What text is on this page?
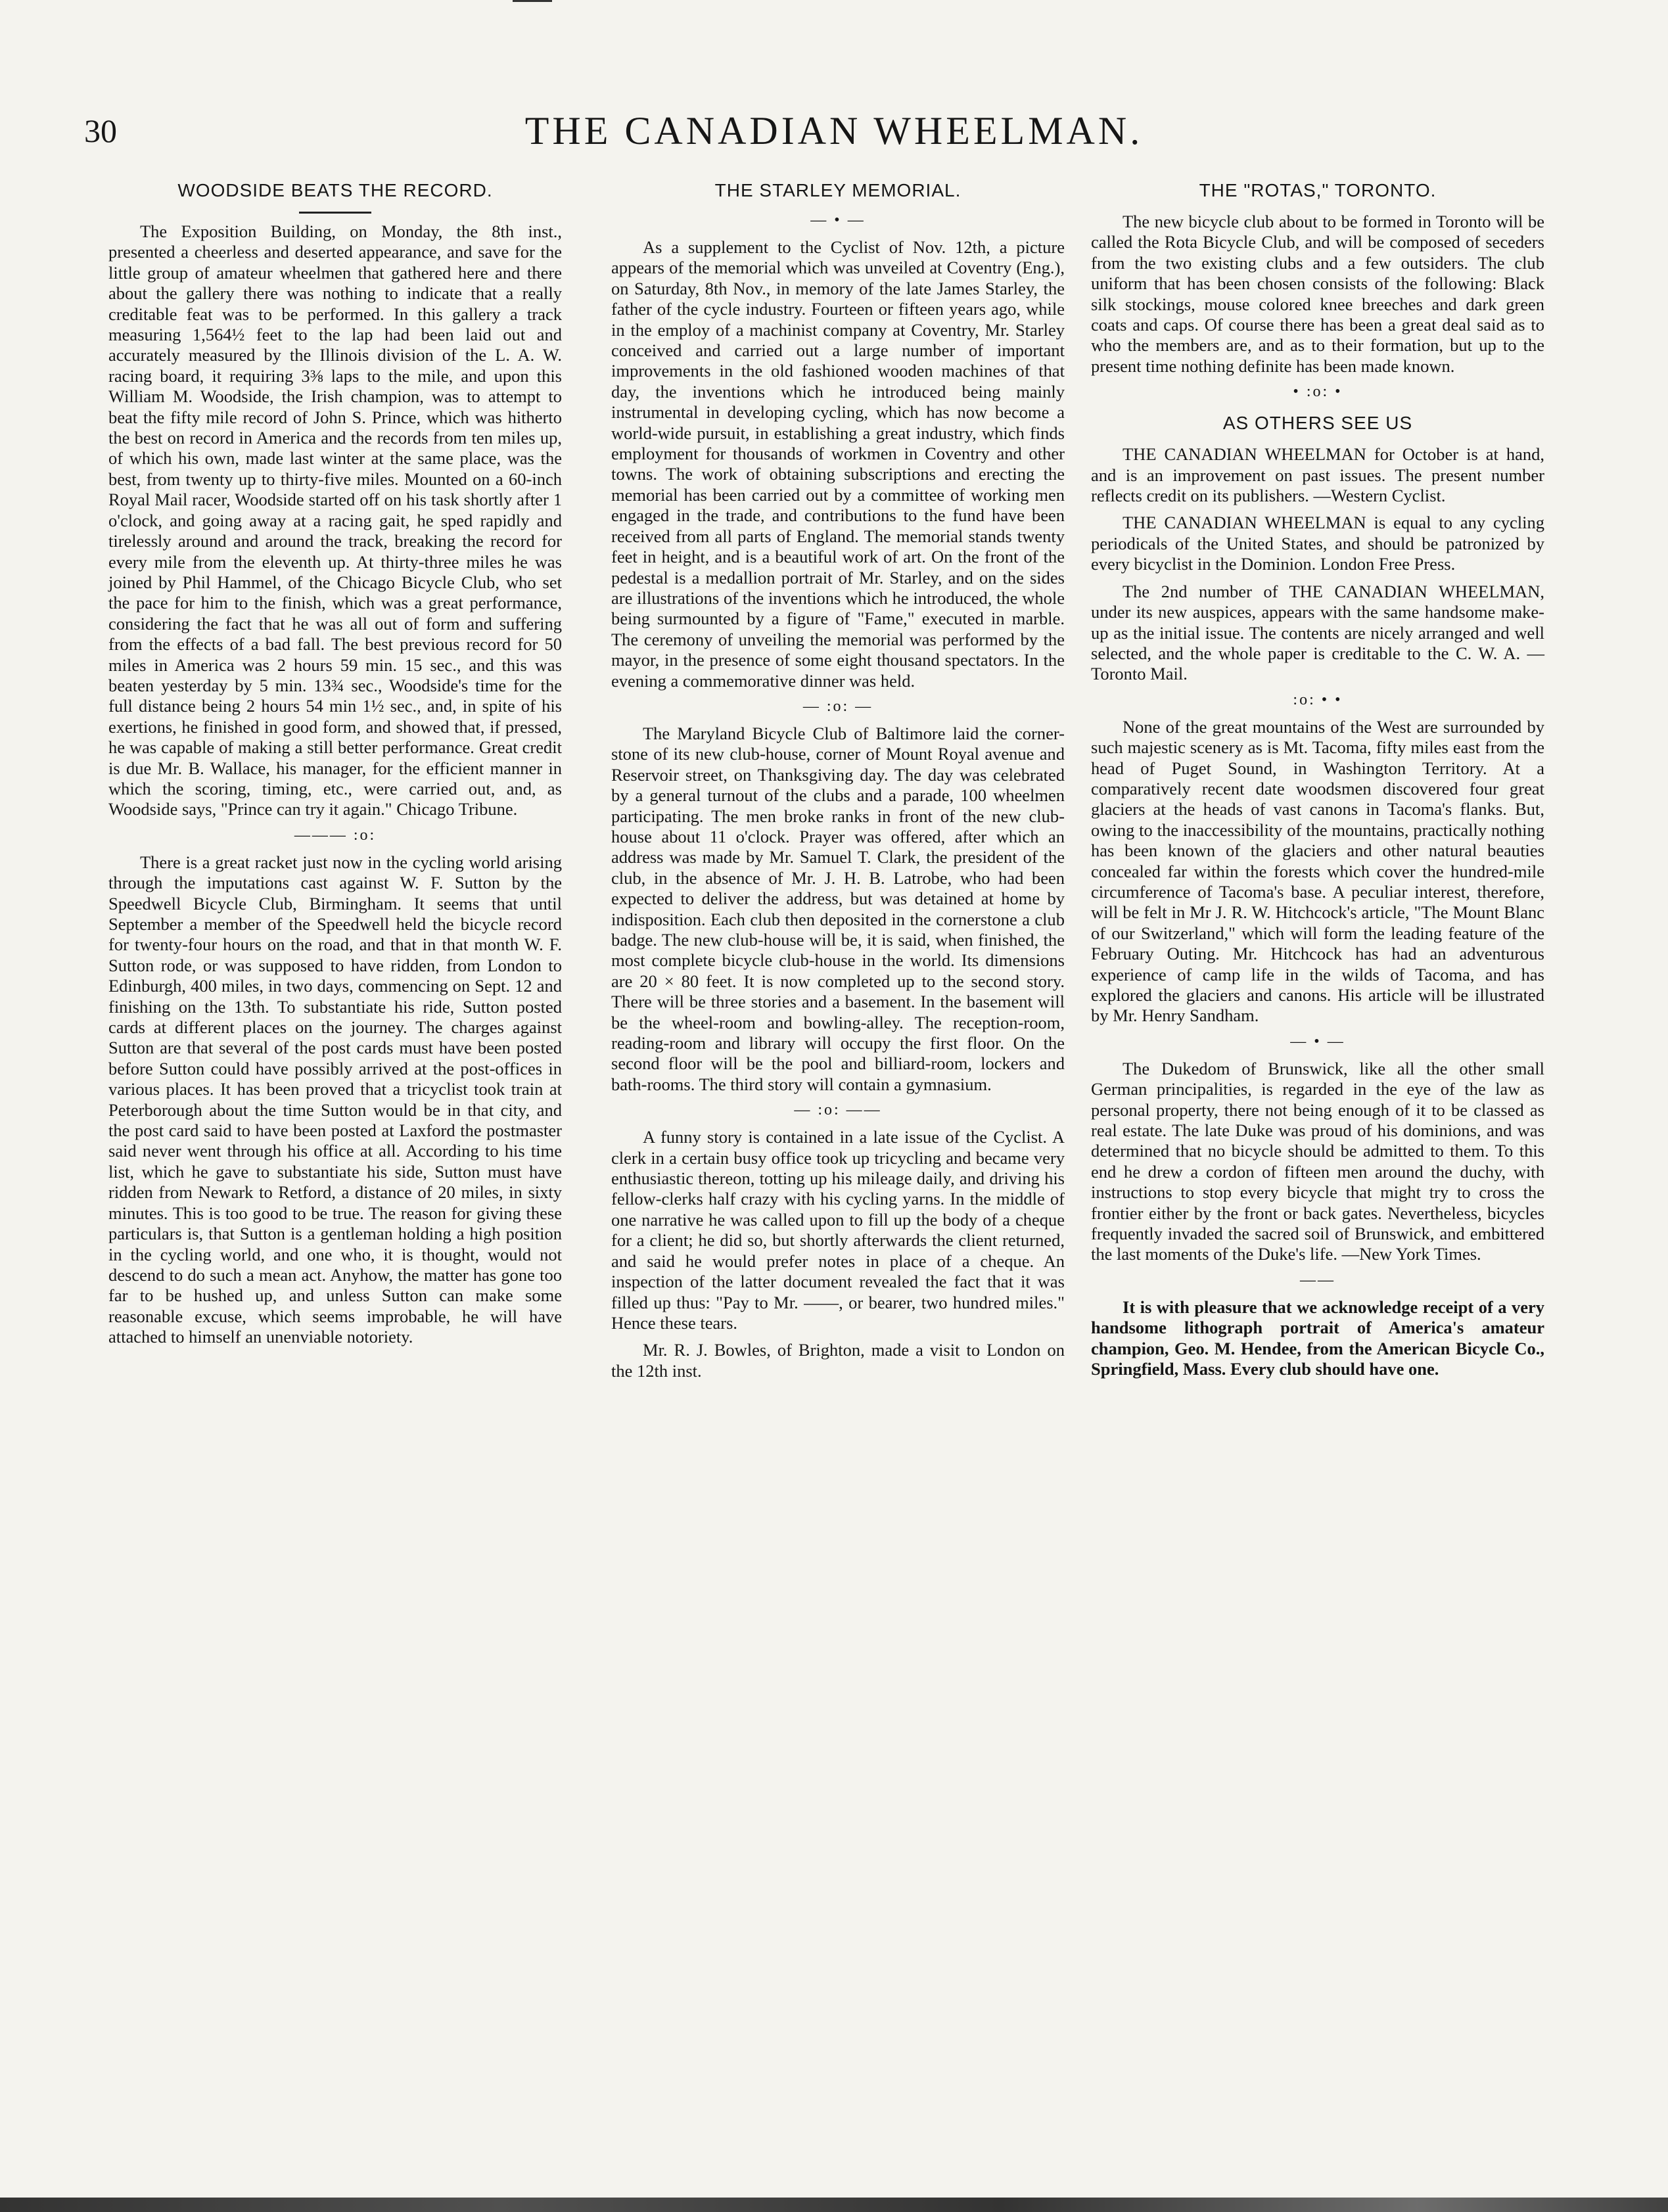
30	THE CANADIAN WHEELMAN.
WOODSIDE BEATS THE RECORD.

The Exposition Building, on Monday, the 8th inst., presented a cheerless and deserted appearance, and save for the little group of amateur wheelmen that gathered here and there about the gallery there was nothing to indicate that a really creditable feat was to be performed. In this gallery a track measuring 1,564½ feet to the lap had been laid out and accurately measured by the Illinois division of the L. A. W. racing board, it requiring 3⅜ laps to the mile, and upon this William M. Woodside, the Irish champion, was to attempt to beat the fifty mile record of John S. Prince, which was hitherto the best on record in America and the records from ten miles up, of which his own, made last winter at the same place, was the best, from twenty up to thirty-five miles. Mounted on a 60-inch Royal Mail racer, Woodside started off on his task shortly after 1 o'clock, and going away at a racing gait, he sped rapidly and tirelessly around and around the track, breaking the record for every mile from the eleventh up. At thirty-three miles he was joined by Phil Hammel, of the Chicago Bicycle Club, who set the pace for him to the finish, which was a great performance, considering the fact that he was all out of form and suffering from the effects of a bad fall. The best previous record for 50 miles in America was 2 hours 59 min. 15 sec., and this was beaten yesterday by 5 min. 13¾ sec., Woodside's time for the full distance being 2 hours 54 min 1½ sec., and, in spite of his exertions, he finished in good form, and showed that, if pressed, he was capable of making a still better performance. Great credit is due Mr. B. Wallace, his manager, for the efficient manner in which the scoring, timing, etc., were carried out, and, as Woodside says, "Prince can try it again." Chicago Tribune.

——— :o:

There is a great racket just now in the cycling world arising through the imputations cast against W. F. Sutton by the Speedwell Bicycle Club, Birmingham. It seems that until September a member of the Speedwell held the bicycle record for twenty-four hours on the road, and that in that month W. F. Sutton rode, or was supposed to have ridden, from London to Edinburgh, 400 miles, in two days, commencing on Sept. 12 and finishing on the 13th. To substantiate his ride, Sutton posted cards at different places on the journey. The charges against Sutton are that several of the post cards must have been posted before Sutton could have possibly arrived at the post-offices in various places. It has been proved that a tricyclist took train at Peterborough about the time Sutton would be in that city, and the post card said to have been posted at Laxford the postmaster said never went through his office at all. According to his time list, which he gave to substantiate his side, Sutton must have ridden from Newark to Retford, a distance of 20 miles, in sixty minutes. This is too good to be true. The reason for giving these particulars is, that Sutton is a gentleman holding a high position in the cycling world, and one who, it is thought, would not descend to do such a mean act. Anyhow, the matter has gone too far to be hushed up, and unless Sutton can make some reasonable excuse, which seems improbable, he will have attached to himself an unenviable notoriety.

THE STARLEY MEMORIAL.
— • —

As a supplement to the Cyclist of Nov. 12th, a picture appears of the memorial which was unveiled at Coventry (Eng.), on Saturday, 8th Nov., in memory of the late James Starley, the father of the cycle industry. Fourteen or fifteen years ago, while in the employ of a machinist company at Coventry, Mr. Starley conceived and carried out a large number of important improvements in the old fashioned wooden machines of that day, the inventions which he introduced being mainly instrumental in developing cycling, which has now become a world-wide pursuit, in establishing a great industry, which finds employment for thousands of workmen in Coventry and other towns. The work of obtaining subscriptions and erecting the memorial has been carried out by a committee of working men engaged in the trade, and contributions to the fund have been received from all parts of England. The memorial stands twenty feet in height, and is a beautiful work of art. On the front of the pedestal is a medallion portrait of Mr. Starley, and on the sides are illustrations of the inventions which he introduced, the whole being surmounted by a figure of "Fame," executed in marble. The ceremony of unveiling the memorial was performed by the mayor, in the presence of some eight thousand spectators. In the evening a commemorative dinner was held.

— :o: —

The Maryland Bicycle Club of Baltimore laid the corner-stone of its new club-house, corner of Mount Royal avenue and Reservoir street, on Thanksgiving day. The day was celebrated by a general turnout of the clubs and a parade, 100 wheelmen participating. The men broke ranks in front of the new club-house about 11 o'clock. Prayer was offered, after which an address was made by Mr. Samuel T. Clark, the president of the club, in the absence of Mr. J. H. B. Latrobe, who had been expected to deliver the address, but was detained at home by indisposition. Each club then deposited in the cornerstone a club badge. The new club-house will be, it is said, when finished, the most complete bicycle club-house in the world. Its dimensions are 20 × 80 feet. It is now completed up to the second story. There will be three stories and a basement. In the basement will be the wheel-room and bowling-alley. The reception-room, reading-room and library will occupy the first floor. On the second floor will be the pool and billiard-room, lockers and bath-rooms. The third story will contain a gymnasium.

— :o: ——

A funny story is contained in a late issue of the Cyclist. A clerk in a certain busy office took up tricycling and became very enthusiastic thereon, totting up his mileage daily, and driving his fellow-clerks half crazy with his cycling yarns. In the middle of one narrative he was called upon to fill up the body of a cheque for a client; he did so, but shortly afterwards the client returned, and said he would prefer notes in place of a cheque. An inspection of the latter document revealed the fact that it was filled up thus: "Pay to Mr. ——, or bearer, two hundred miles." Hence these tears.

Mr. R. J. Bowles, of Brighton, made a visit to London on the 12th inst.

THE "ROTAS," TORONTO.

The new bicycle club about to be formed in Toronto will be called the Rota Bicycle Club, and will be composed of seceders from the two existing clubs and a few outsiders. The club uniform that has been chosen consists of the following: Black silk stockings, mouse colored knee breeches and dark green coats and caps. Of course there has been a great deal said as to who the members are, and as to their formation, but up to the present time nothing definite has been made known.

• :o: •
AS OTHERS SEE US

THE CANADIAN WHEELMAN for October is at hand, and is an improvement on past issues. The present number reflects credit on its publishers. —Western Cyclist.

THE CANADIAN WHEELMAN is equal to any cycling periodicals of the United States, and should be patronized by every bicyclist in the Dominion. London Free Press.

The 2nd number of THE CANADIAN WHEELMAN, under its new auspices, appears with the same handsome make-up as the initial issue. The contents are nicely arranged and well selected, and the whole paper is creditable to the C. W. A. —Toronto Mail.

:o: • •

None of the great mountains of the West are surrounded by such majestic scenery as is Mt. Tacoma, fifty miles east from the head of Puget Sound, in Washington Territory. At a comparatively recent date woodsmen discovered four great glaciers at the heads of vast canons in Tacoma's flanks. But, owing to the inaccessibility of the mountains, practically nothing has been known of the glaciers and other natural beauties concealed far within the forests which cover the hundred-mile circumference of Tacoma's base. A peculiar interest, therefore, will be felt in Mr J. R. W. Hitchcock's article, "The Mount Blanc of our Switzerland," which will form the leading feature of the February Outing. Mr. Hitchcock has had an adventurous experience of camp life in the wilds of Tacoma, and has explored the glaciers and canons. His article will be illustrated by Mr. Henry Sandham.

— • —

The Dukedom of Brunswick, like all the other small German principalities, is regarded in the eye of the law as personal property, there not being enough of it to be classed as real estate. The late Duke was proud of his dominions, and was determined that no bicycle should be admitted to them. To this end he drew a cordon of fifteen men around the duchy, with instructions to stop every bicycle that might try to cross the frontier either by the front or back gates. Nevertheless, bicycles frequently invaded the sacred soil of Brunswick, and embittered the last moments of the Duke's life. —New York Times.

——

It is with pleasure that we acknowledge receipt of a very handsome lithograph portrait of America's amateur champion, Geo. M. Hendee, from the American Bicycle Co., Springfield, Mass. Every club should have one.
